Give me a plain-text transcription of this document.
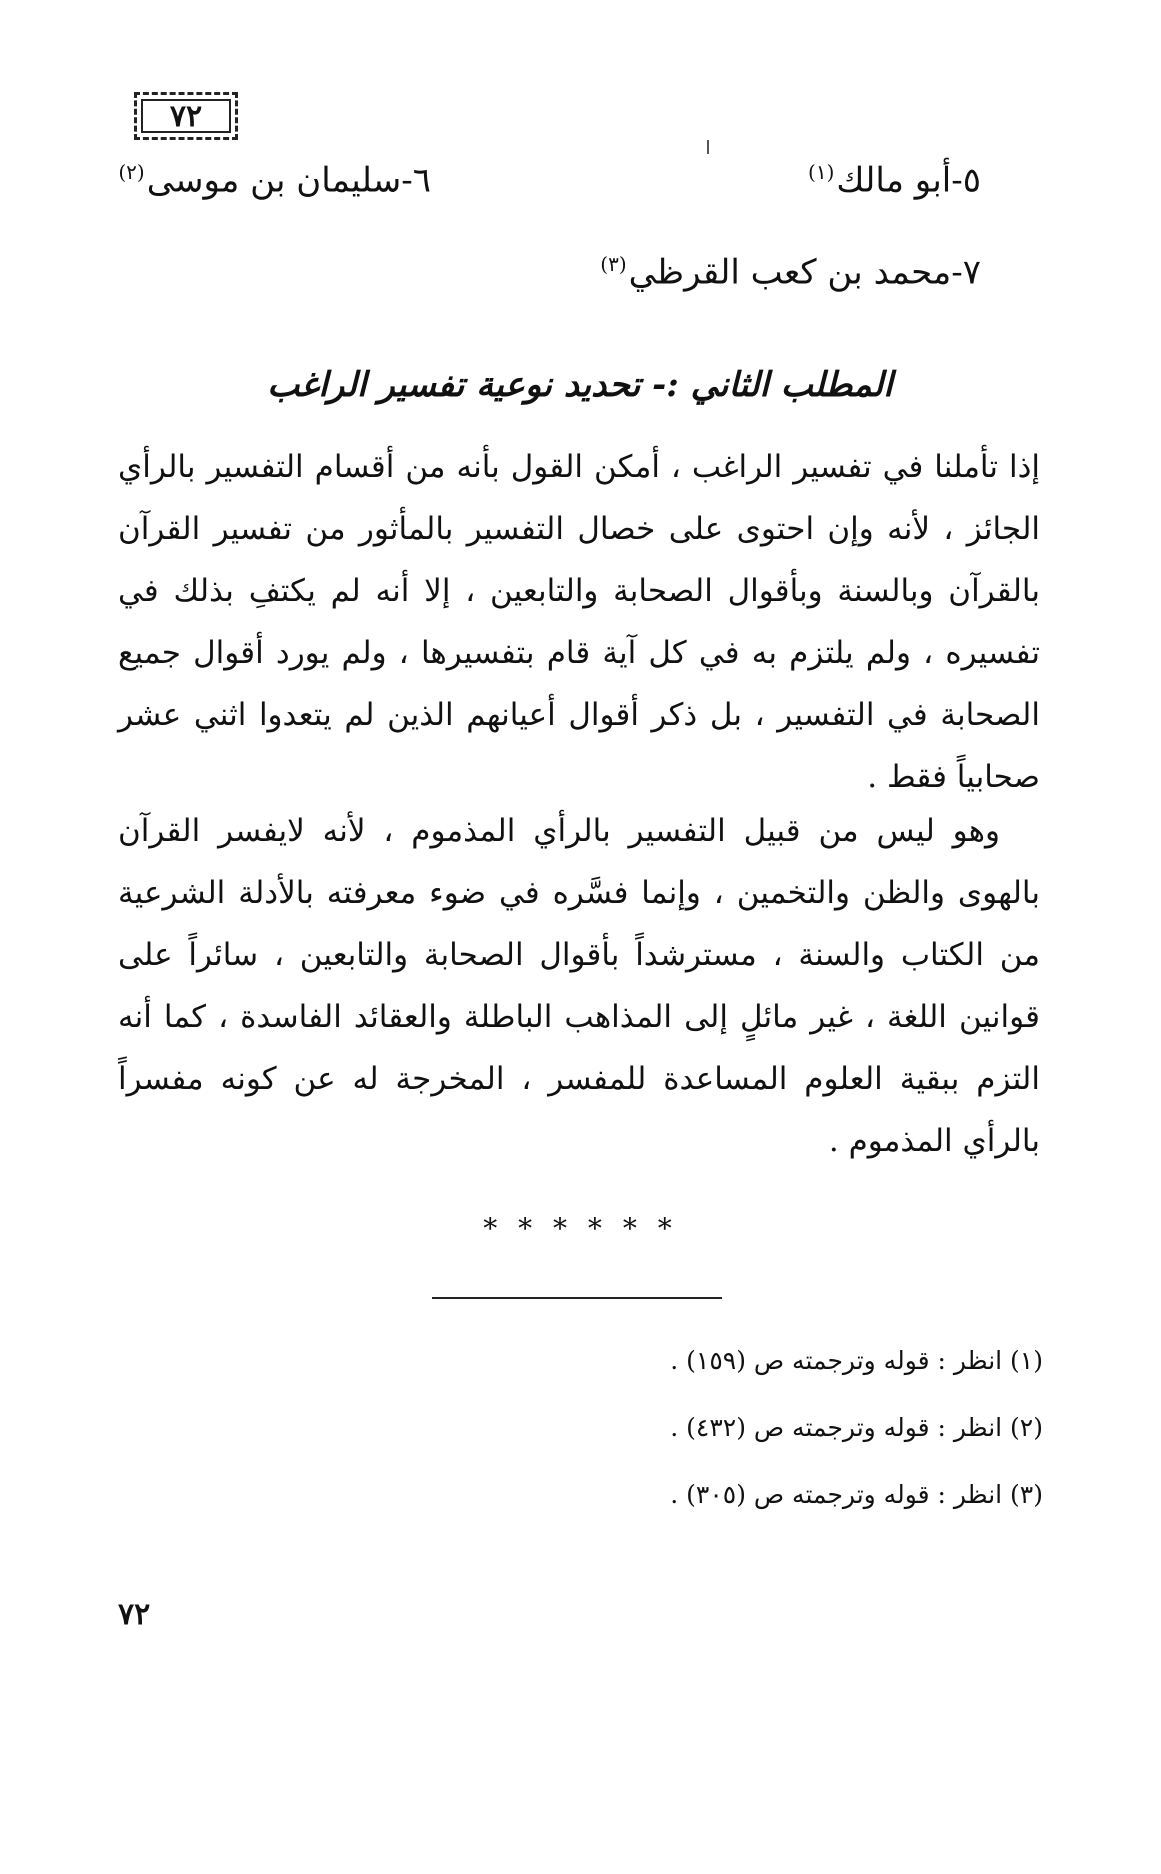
٧٢
٥-أبو مالك$^{(١)}$
٦-سليمان بن موسى$^{(٢)}$
٧-محمد بن كعب القرظي$^{(٣)}$
المطلب الثاني :- تحديد نوعية تفسير الراغب

إذا تأملنا في تفسير الراغب ، أمكن القول بأنه من أقسام التفسير بالرأي الجائز ، لأنه وإن احتوى على خصال التفسير بالمأثور من تفسير القرآن بالقرآن وبالسنة وبأقوال الصحابة والتابعين ، إلا أنه لم يكتفِ بذلك في تفسيره ، ولم يلتزم به في كل آية قام بتفسيرها ، ولم يورد أقوال جميع الصحابة في التفسير ، بل ذكر أقوال أعيانهم الذين لم يتعدوا اثني عشر صحابياً فقط .

وهو ليس من قبيل التفسير بالرأي المذموم ، لأنه لايفسر القرآن بالهوى والظن والتخمين ، وإنما فسَّره في ضوء معرفته بالأدلة الشرعية من الكتاب والسنة ، مسترشداً بأقوال الصحابة والتابعين ، سائراً على قوانين اللغة ، غير مائلٍ إلى المذاهب الباطلة والعقائد الفاسدة ، كما أنه التزم ببقية العلوم المساعدة للمفسر ، المخرجة له عن كونه مفسراً بالرأي المذموم .

* * * * * *
(١) انظر : قوله وترجمته ص (١٥٩) .
(٢) انظر : قوله وترجمته ص (٤٣٢) .
(٣) انظر : قوله وترجمته ص (٣٠٥) .
٧٢
